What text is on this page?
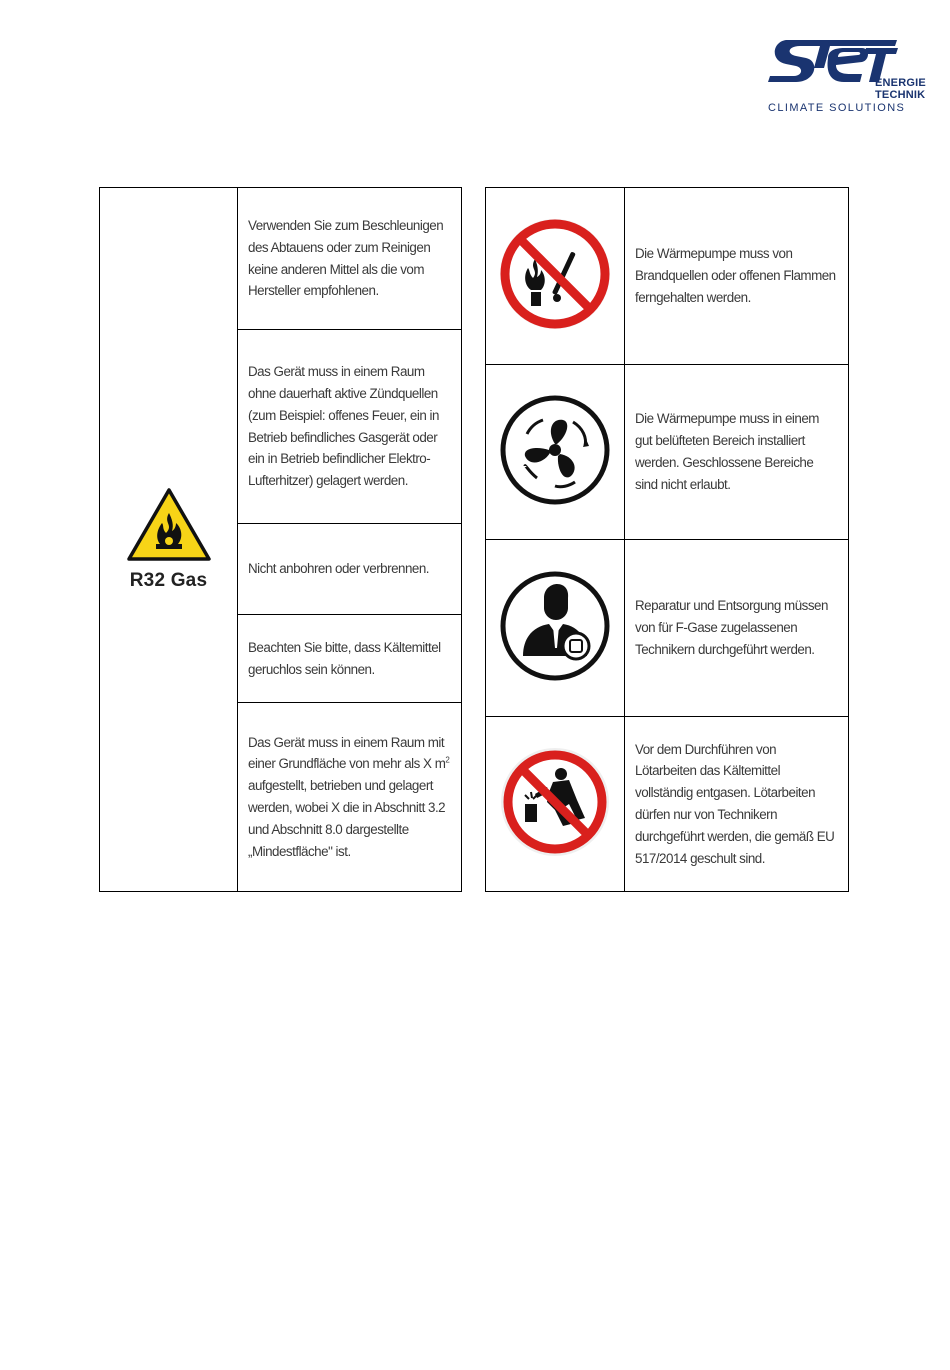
ENERGIE
TECHNIK
CLIMATE SOLUTIONS
R32 Gas
	Verwenden Sie zum Beschleunigen des Abtauens oder zum Reinigen keine anderen Mittel als die vom Hersteller empfohlenen.
Das Gerät muss in einem Raum ohne dauerhaft aktive Zündquellen (zum Beispiel: offenes Feuer, ein in Betrieb befindliches Gasgerät oder ein in Betrieb befindlicher Elektro-Lufterhitzer) gelagert werden.
Nicht anbohren oder verbrennen.
Beachten Sie bitte, dass Kältemittel geruchlos sein können.
Das Gerät muss in einem Raum mit einer Grundfläche von mehr als X $m^2$ aufgestellt, betrieben und gelagert werden, wobei X die in Abschnitt 3.2 und Abschnitt 8.0 dargestellte „Mindestfläche" ist.
	Die Wärmepumpe muss von Brandquellen oder offenen Flammen ferngehalten werden.
	Die Wärmepumpe muss in einem gut belüfteten Bereich installiert werden. Geschlossene Bereiche sind nicht erlaubt.
	Reparatur und Entsorgung müssen von für F-Gase zugelassenen Technikern durchgeführt werden.
	Vor dem Durchführen von Lötarbeiten das Kältemittel vollständig entgasen. Lötarbeiten dürfen nur von Technikern durchgeführt werden, die gemäß EU 517/2014 geschult sind.
